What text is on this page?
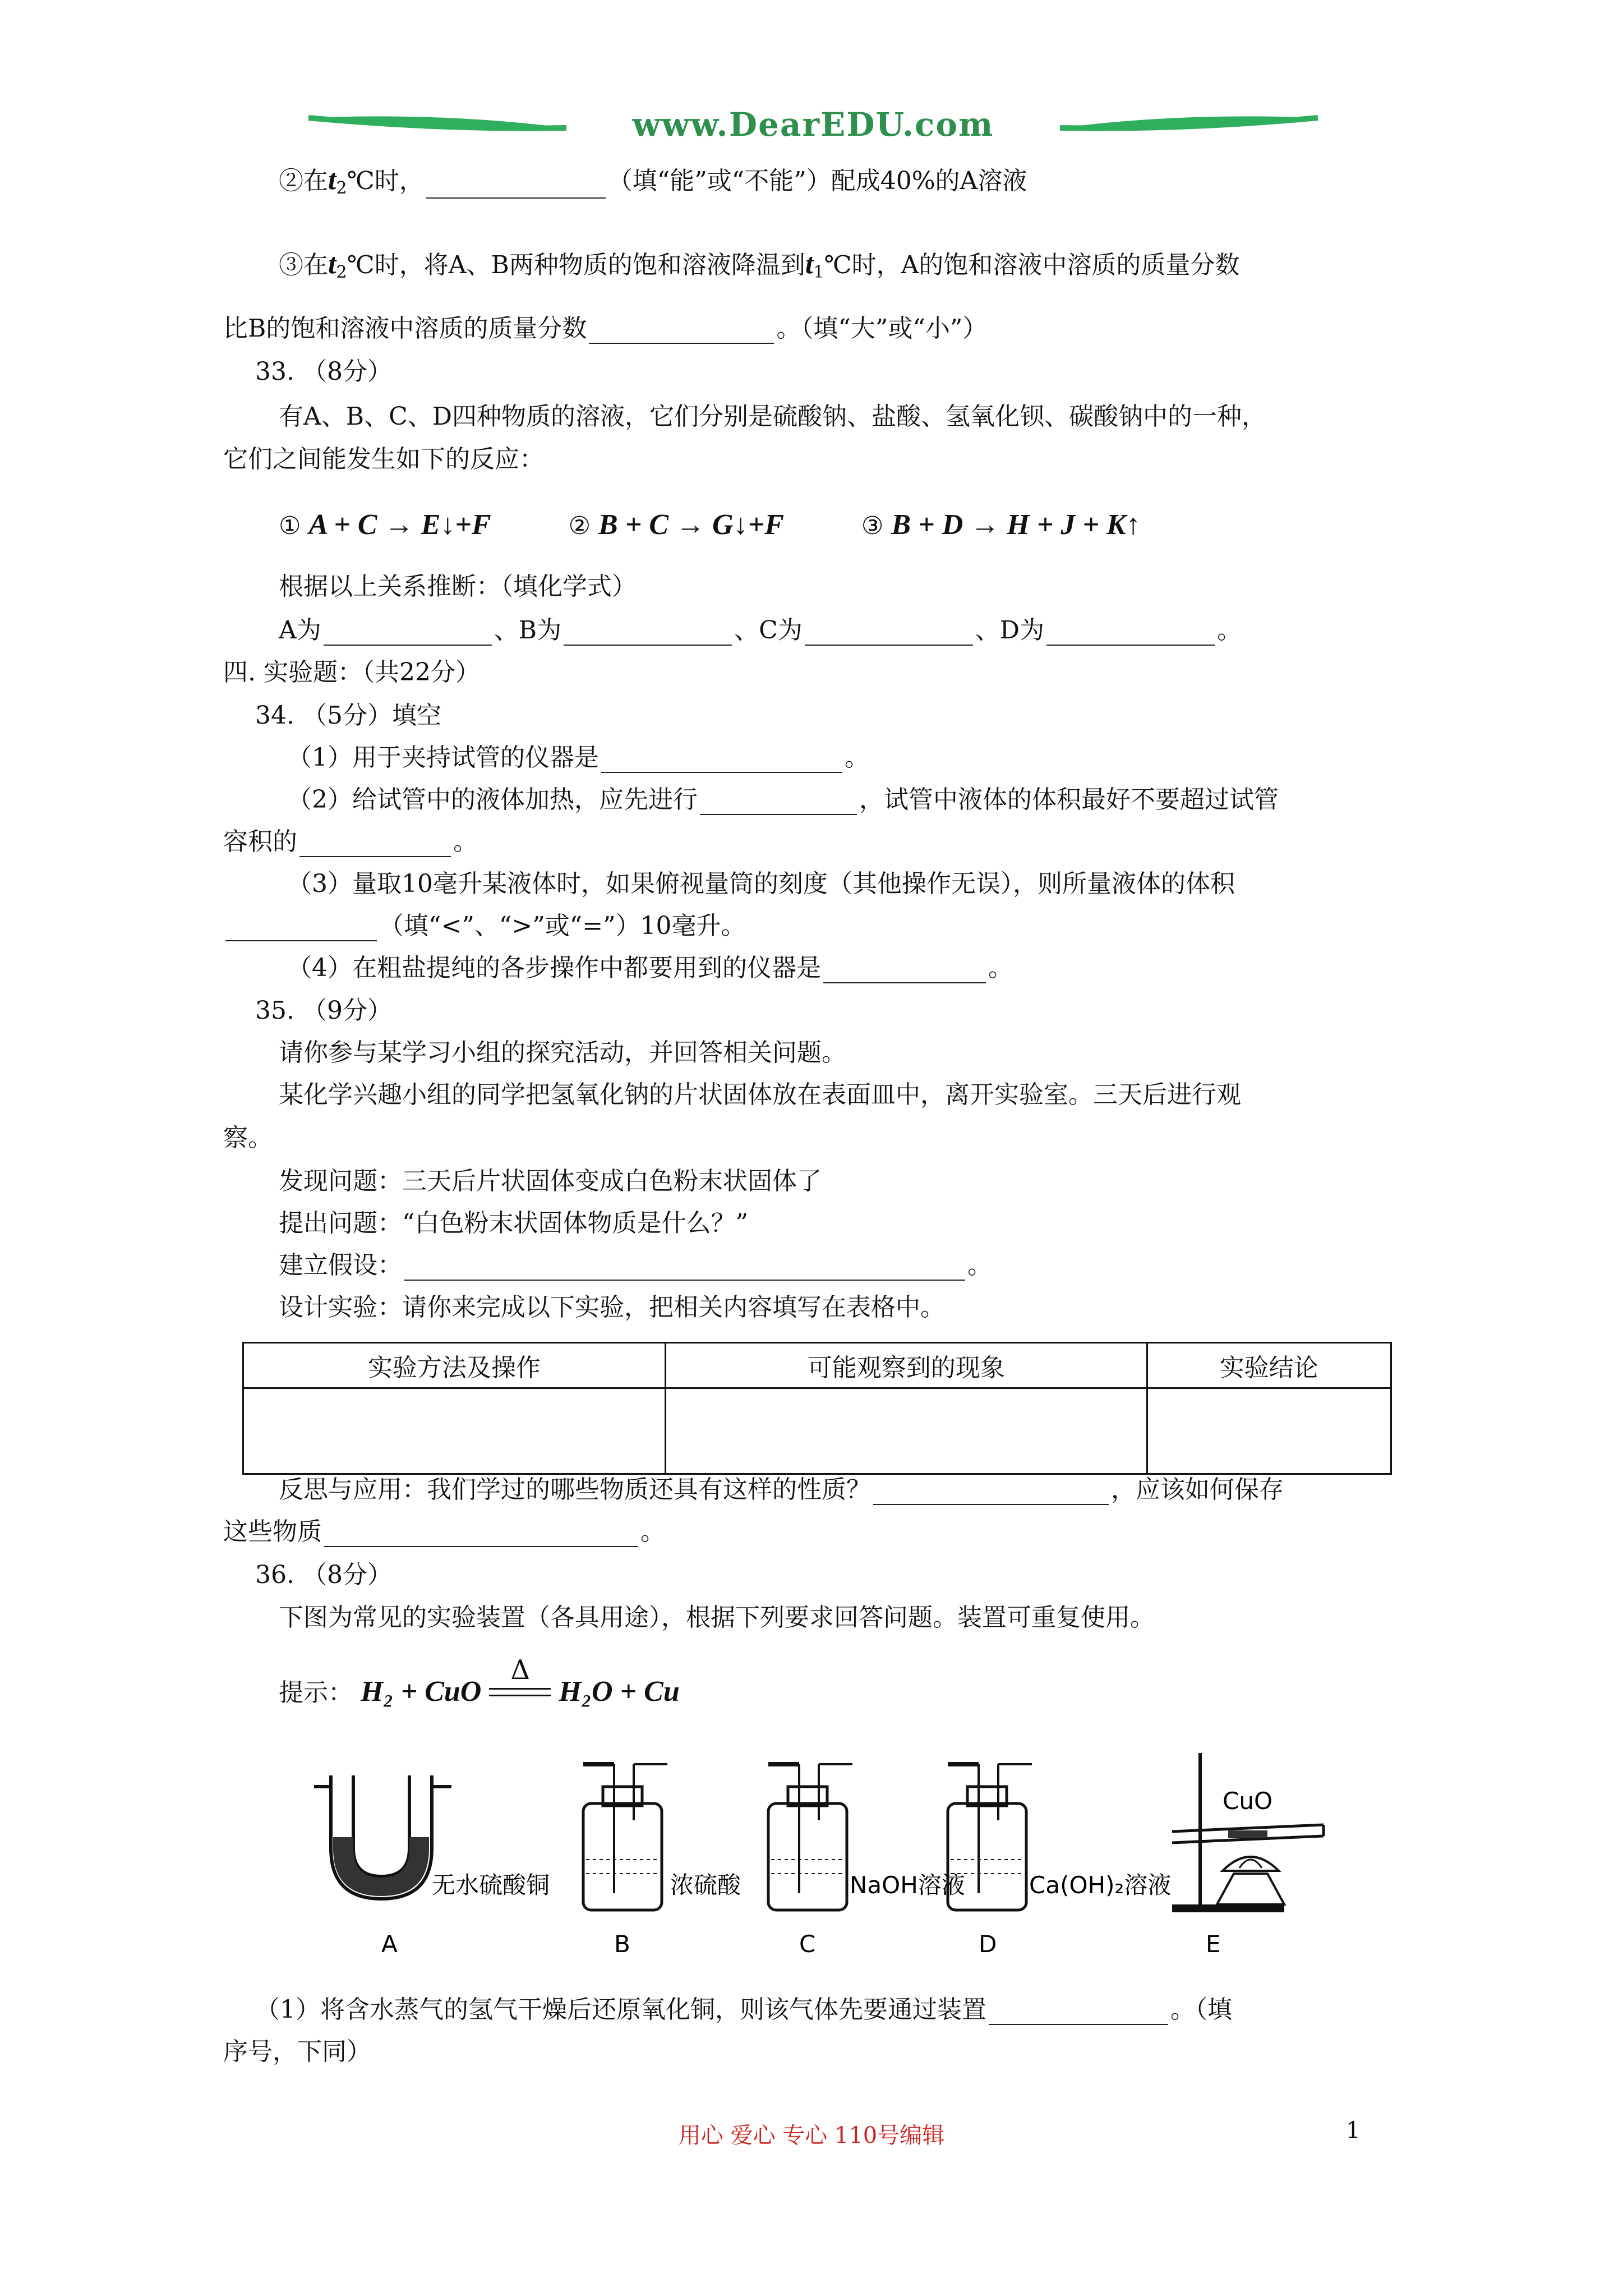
www.DearEDU.com
②在$t_2℃$时，	（填“能”或“不能”）配成40%的A溶液
③在$t_2℃$时，将A、B两种物质的饱和溶液降温到$t_1℃$时，A的饱和溶液中溶质的质量分数
比B的饱和溶液中溶质的质量分数	。（填“大”或“小”）
33. （8分）
有A、B、C、D四种物质的溶液，它们分别是硫酸钠、盐酸、氢氧化钡、碳酸钠中的一种，
它们之间能发生如下的反应：
① A + C → E↓+F	② B + C → G↓+F	③ B + D → H + J + K↑
根据以上关系推断：（填化学式）
A为	、B为	、C为	、D为	。
四. 实验题：（共22分）
34. （5分）填空
（1）用于夹持试管的仪器是	。
（2）给试管中的液体加热，应先进行	，试管中液体的体积最好不要超过试管
容积的	。
（3）量取10毫升某液体时，如果俯视量筒的刻度（其他操作无误），则所量液体的体积
（填“<”、“>”或“=”）10毫升。
（4）在粗盐提纯的各步操作中都要用到的仪器是	。
35. （9分）
请你参与某学习小组的探究活动，并回答相关问题。
某化学兴趣小组的同学把氢氧化钠的片状固体放在表面皿中，离开实验室。三天后进行观
察。
发现问题：三天后片状固体变成白色粉末状固体了
提出问题：“白色粉末状固体物质是什么？”
建立假设：	。
设计实验：请你来完成以下实验，把相关内容填写在表格中。
实验方法及操作	可能观察到的现象	实验结论

反思与应用：我们学过的哪些物质还具有这样的性质？	，应该如何保存
这些物质	。
36. （8分）
下图为常见的实验装置（各具用途），根据下列要求回答问题。装置可重复使用。
提示： H₂ + CuO
Δ
H₂O + Cu
无水硫酸铜	浓硫酸	NaOH溶液	Ca(OH)₂溶液
CuO
A	B	C	D	E
（1）将含水蒸气的氢气干燥后还原氧化铜，则该气体先要通过装置	。（填
序号，下同）
用心 爱心 专心 110号编辑	1
